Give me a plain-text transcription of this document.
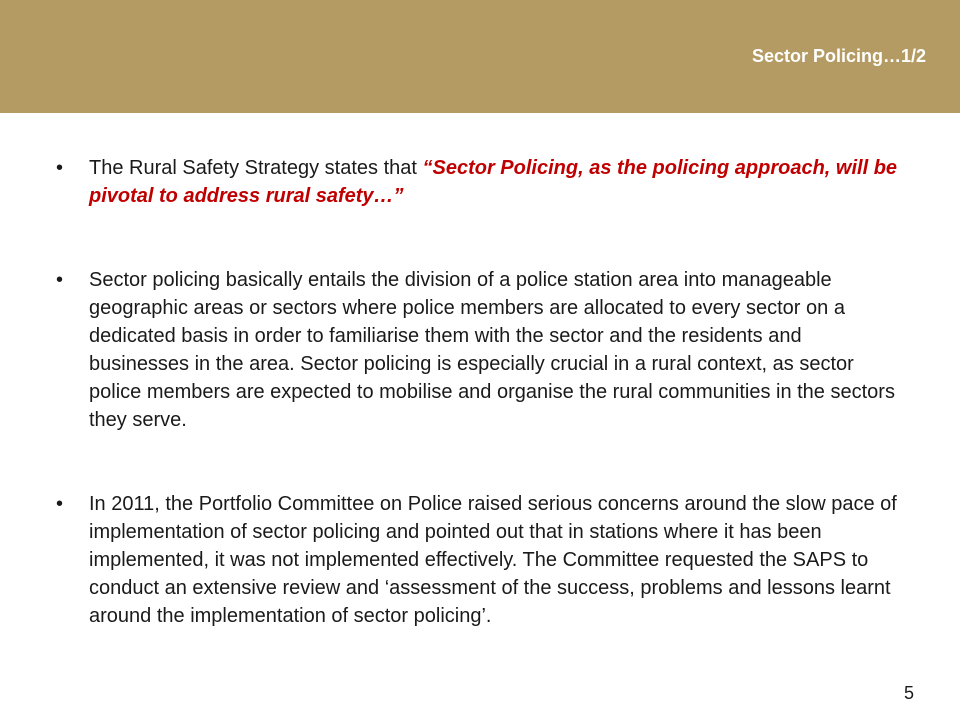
Sector Policing…1/2
• The Rural Safety Strategy states that “Sector Policing, as the policing approach, will be pivotal to address rural safety…”
• Sector policing basically entails the division of a police station area into manageable geographic areas or sectors where police members are allocated to every sector on a dedicated basis in order to familiarise them with the sector and the residents and businesses in the area. Sector policing is especially crucial in a rural context, as sector police members are expected to mobilise and organise the rural communities in the sectors they serve.
• In 2011, the Portfolio Committee on Police raised serious concerns around the slow pace of implementation of sector policing and pointed out that in stations where it has been implemented, it was not implemented effectively. The Committee requested the SAPS to conduct an extensive review and ‘assessment of the success, problems and lessons learnt around the implementation of sector policing’.
5
